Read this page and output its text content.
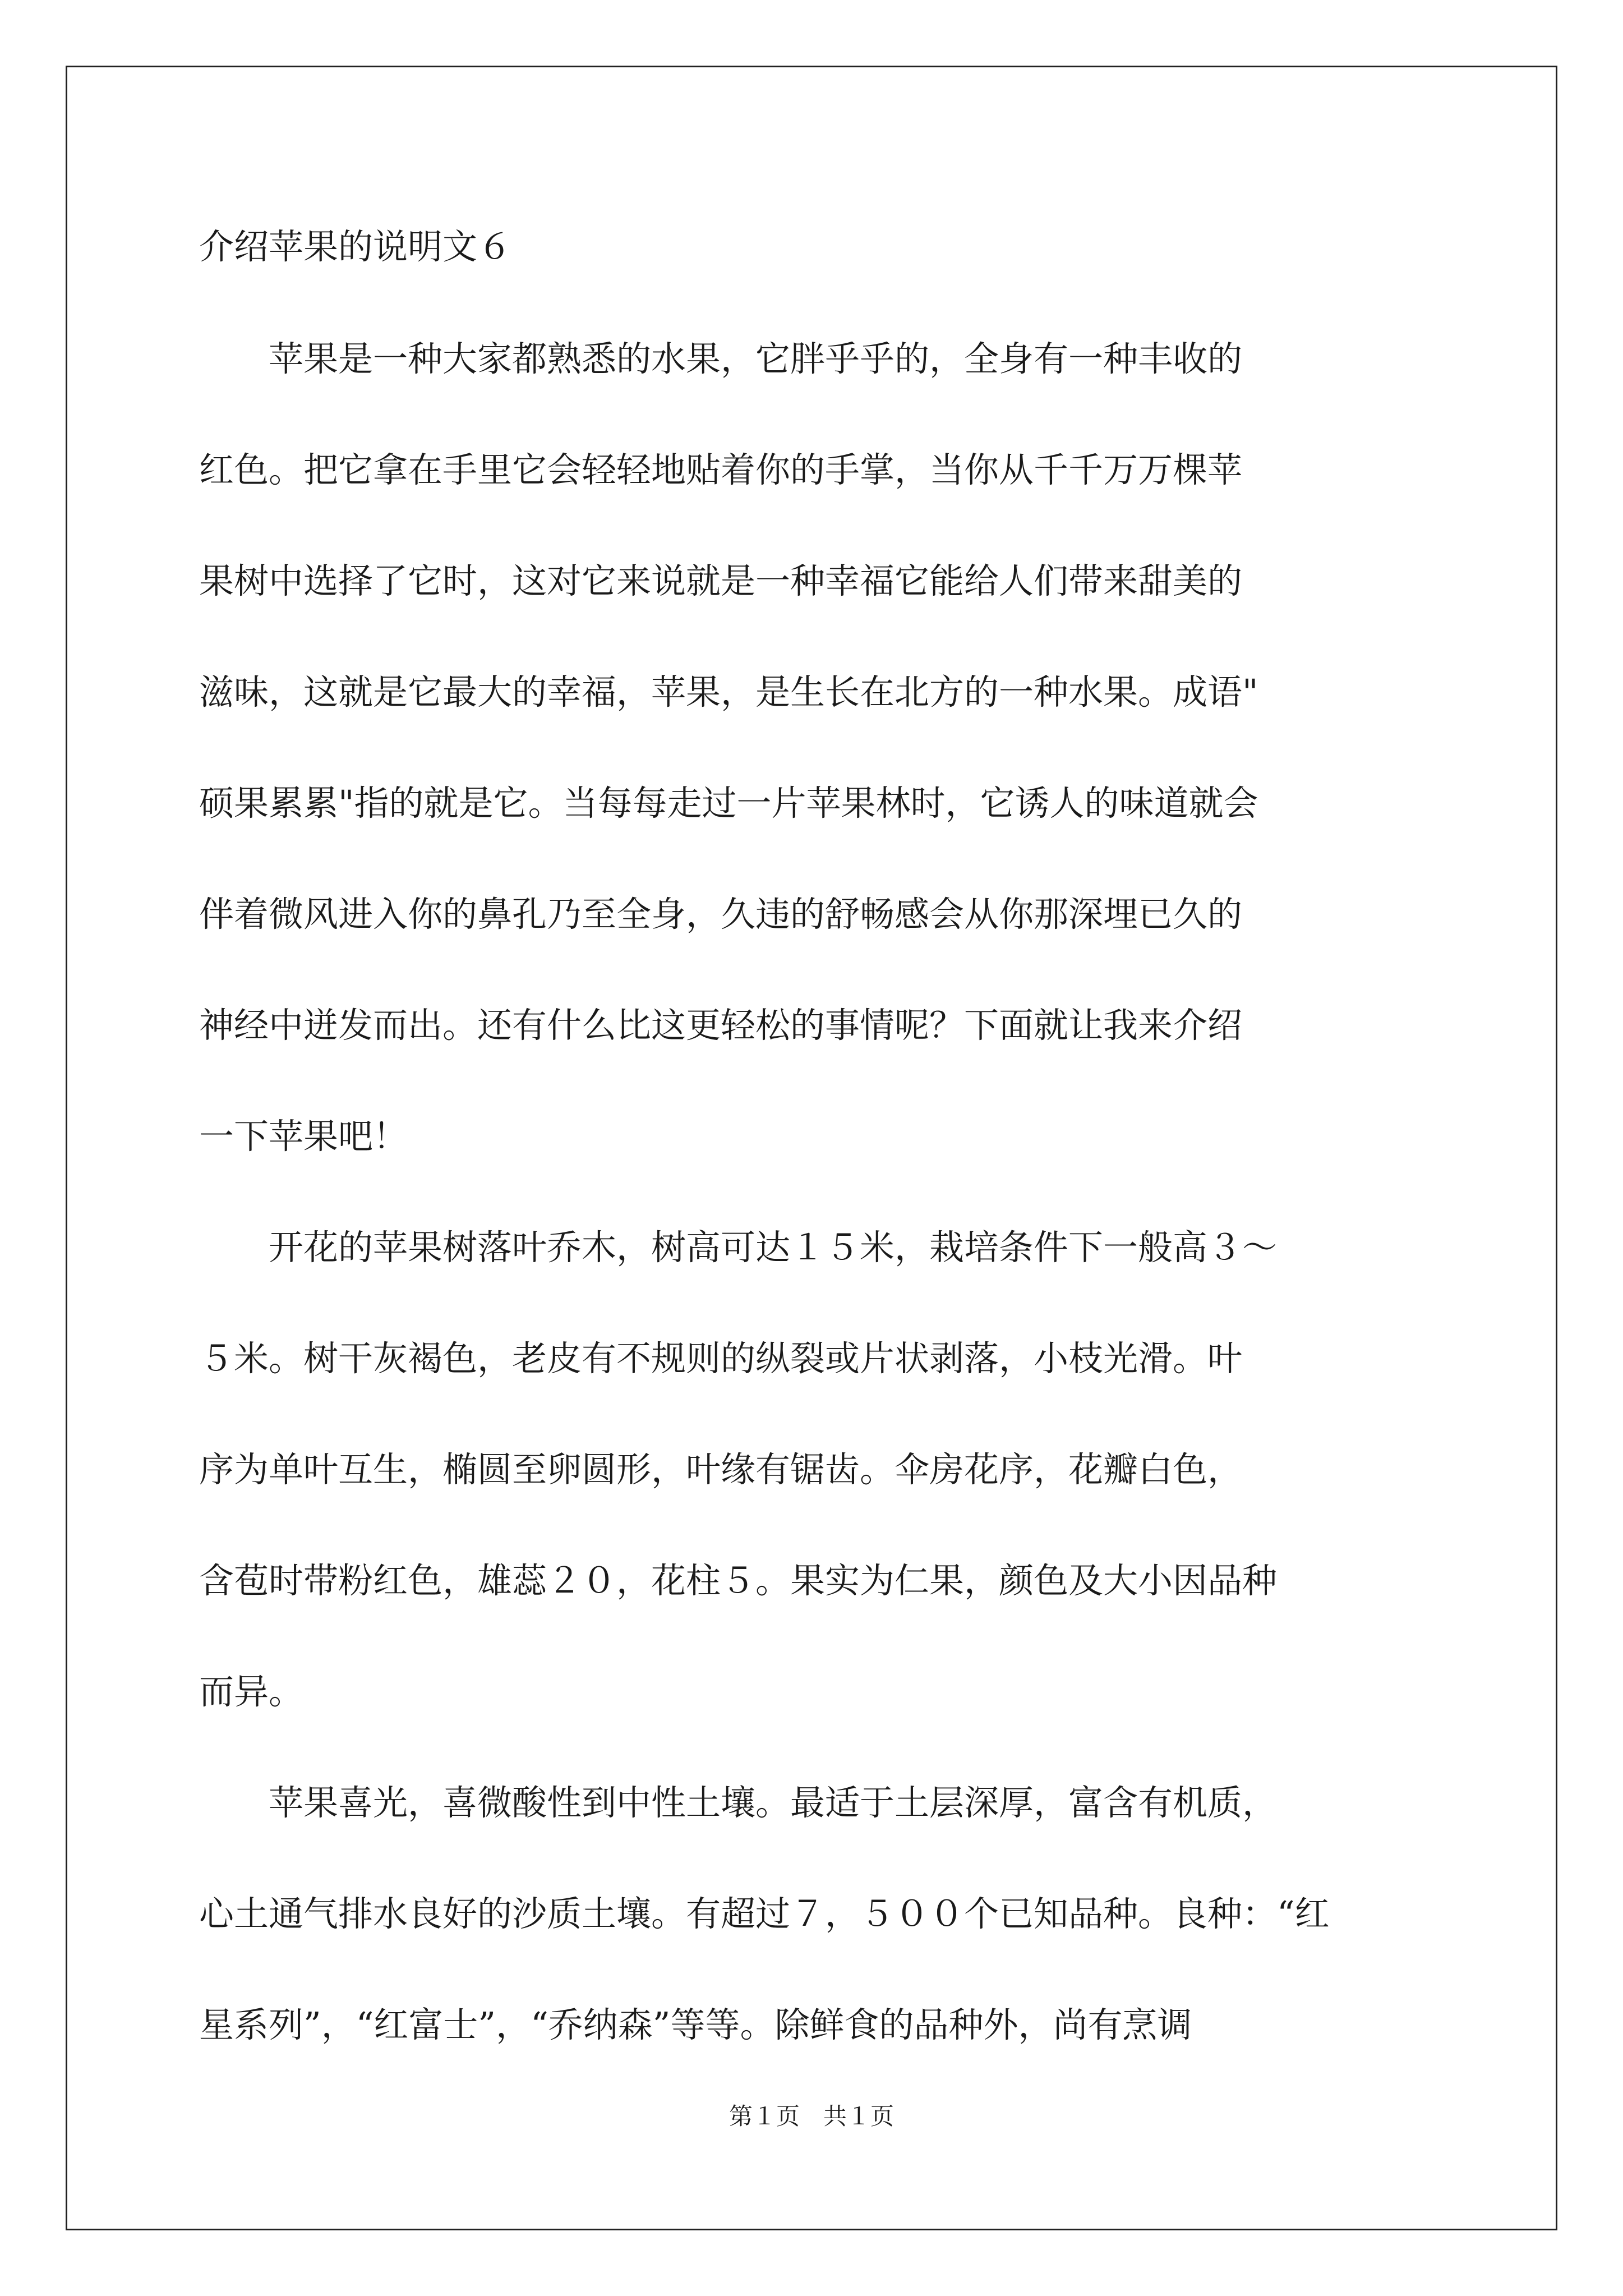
介绍苹果的说明文６

　　苹果是一种大家都熟悉的水果，它胖乎乎的，全身有一种丰收的

红色。把它拿在手里它会轻轻地贴着你的手掌，当你从千千万万棵苹

果树中选择了它时，这对它来说就是一种幸福它能给人们带来甜美的

滋味，这就是它最大的幸福，苹果，是生长在北方的一种水果。成语"

硕果累累"指的就是它。当每每走过一片苹果林时，它诱人的味道就会

伴着微风进入你的鼻孔乃至全身，久违的舒畅感会从你那深埋已久的

神经中迸发而出。还有什么比这更轻松的事情呢？下面就让我来介绍

一下苹果吧！

　　开花的苹果树落叶乔木，树高可达１５米，栽培条件下一般高３～

５米。树干灰褐色，老皮有不规则的纵裂或片状剥落，小枝光滑。叶

序为单叶互生，椭圆至卵圆形，叶缘有锯齿。伞房花序，花瓣白色，

含苞时带粉红色，雄蕊２０，花柱５。果实为仁果，颜色及大小因品种

而异。

　　苹果喜光，喜微酸性到中性土壤。最适于土层深厚，富含有机质，

心土通气排水良好的沙质土壤。有超过７，５００个已知品种。良种：“红

星系列”，“红富士”，“乔纳森”等等。除鲜食的品种外，尚有烹调

第１页　共１页
